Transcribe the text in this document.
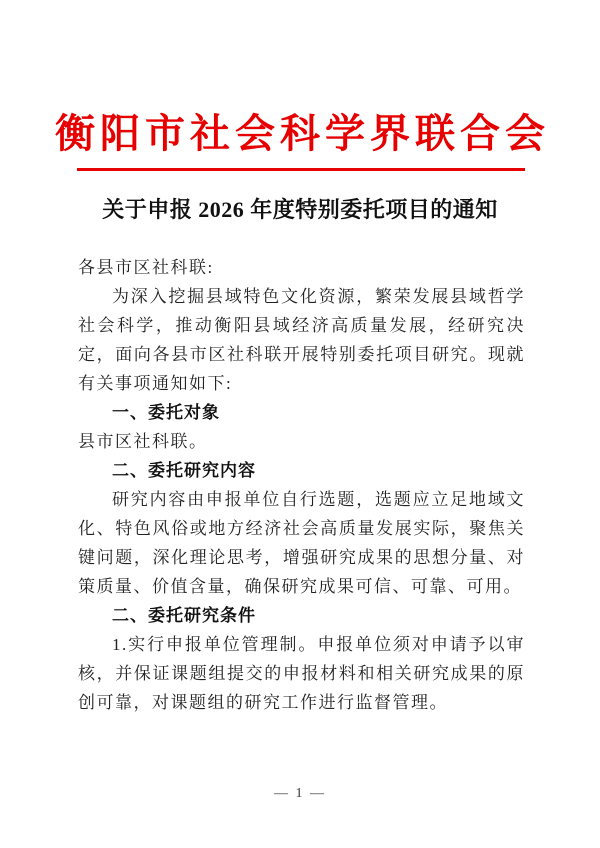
衡阳市社会科学界联合会
关于申报 2026 年度特别委托项目的通知

各县市区社科联:

为深入挖掘县域特色文化资源，繁荣发展县域哲学社会科学，推动衡阳县域经济高质量发展，经研究决定，面向各县市区社科联开展特别委托项目研究。现就有关事项通知如下:

一、委托对象

县市区社科联。

二、委托研究内容

研究内容由申报单位自行选题，选题应立足地域文化、特色风俗或地方经济社会高质量发展实际，聚焦关键问题，深化理论思考，增强研究成果的思想分量、对策质量、价值含量，确保研究成果可信、可靠、可用。

二、委托研究条件

1.实行申报单位管理制。申报单位须对申请予以审核，并保证课题组提交的申报材料和相关研究成果的原创可靠，对课题组的研究工作进行监督管理。

— 1 —
